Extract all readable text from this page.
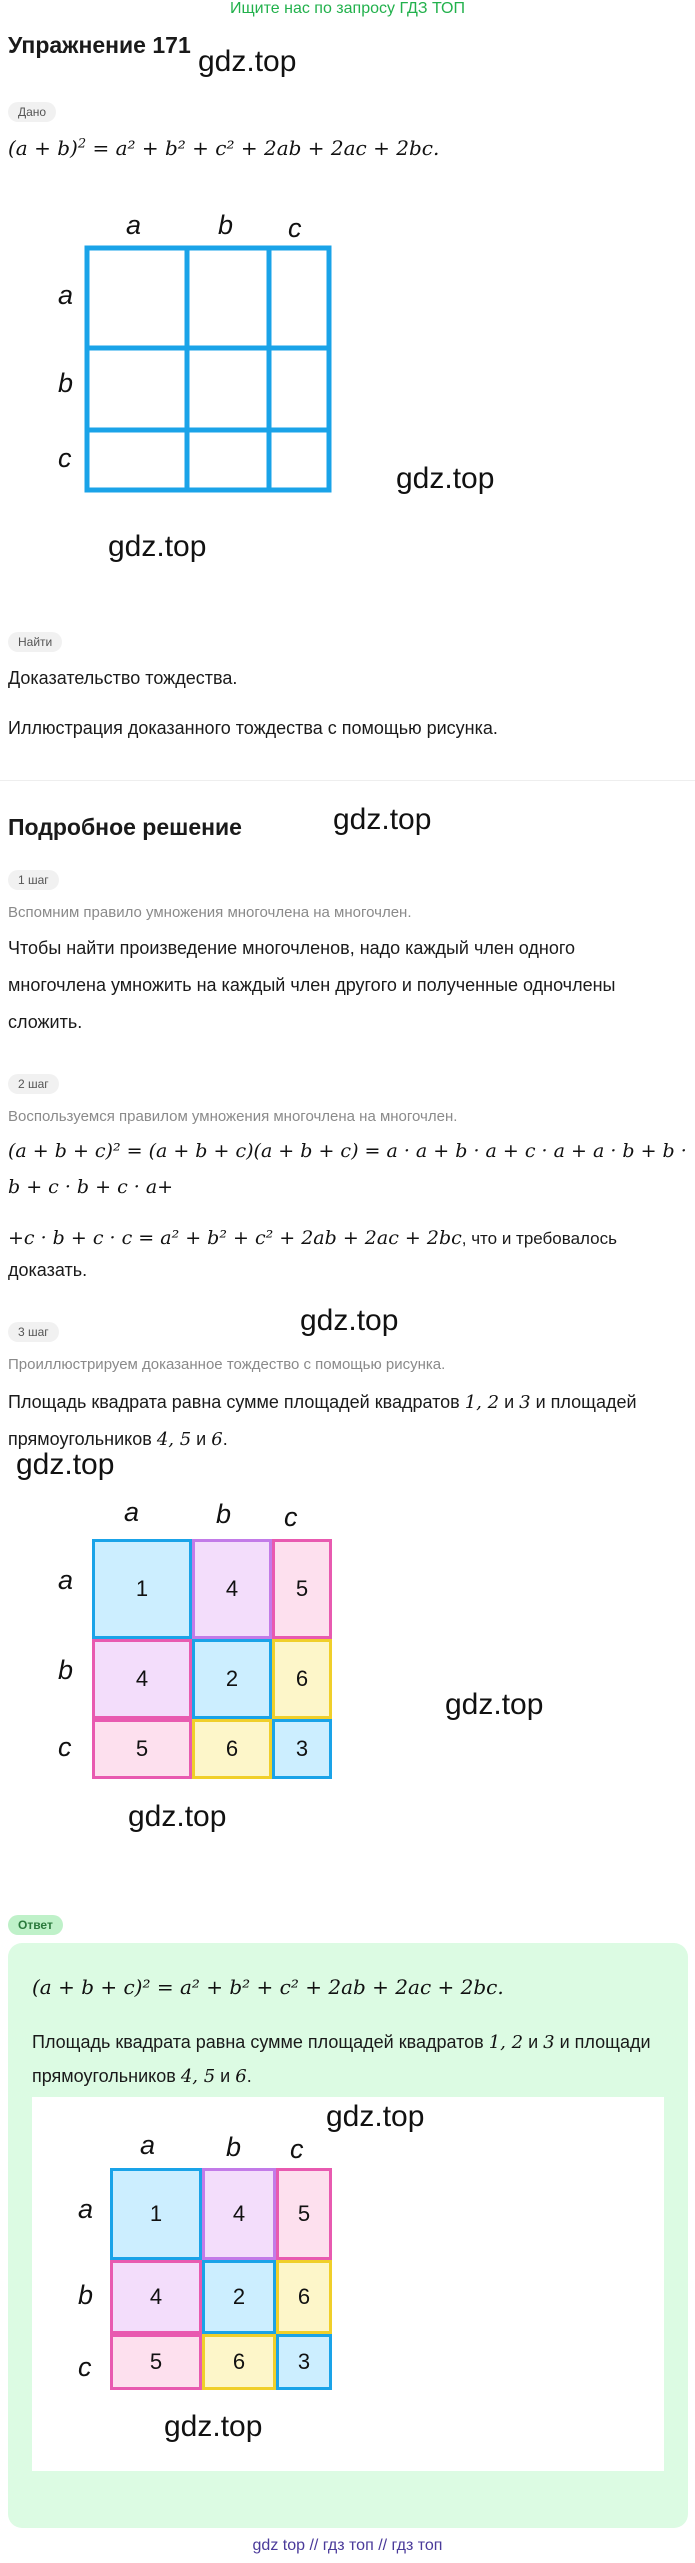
Ищите нас по запросу ГДЗ ТОП
Упражнение 171 gdz.top
Дано
$(a + b)^2 = a^2 + b^2 + c^2 + 2ab + 2ac + 2bc$.
a	b c
a
b
c
gdz.top
gdz.top
Найти
Доказательство тождества.
Иллюстрация доказанного тождества с помощью рисунка.
Подробное решение	gdz.top
1 шаг
Вспомним правило умножения многочлена на многочлен.
Чтобы найти произведение многочленов, надо каждый член одного
многочлена умножить на каждый член другого и полученные одночлены
сложить.
2 шаг
Воспользуемся правилом умножения многочлена на многочлен.
(a + b + c)² = (a + b + c)(a + b + c) = a · a + b · a + c · a + a · b + b ·
b + c · b + c · a+
+c · b + c · c = a² + b² + c² + 2ab + 2ac + 2bc, что и требовалось
доказать.
gdz.top
3 шаг
Проиллюстрируем доказанное тождество с помощью рисунка.
Площадь квадрата равна сумме площадей квадратов 1, 2 и 3 и площадей
прямоугольников 4, 5 и 6.
gdz.top
a	b c
a
b
c
1	4	5
4	2	6
5	6	3
gdz.top
gdz.top
Ответ
(a + b + c)² = a² + b² + c² + 2ab + 2ac + 2bc.
Площадь квадрата равна сумме площадей квадратов 1, 2 и 3 и площади
прямоугольников 4, 5 и 6.
gdz.top
a	b c
a
b
c
1	4	5
4	2	6
5	6	3
gdz.top
gdz top // гдз топ // гдз топ
